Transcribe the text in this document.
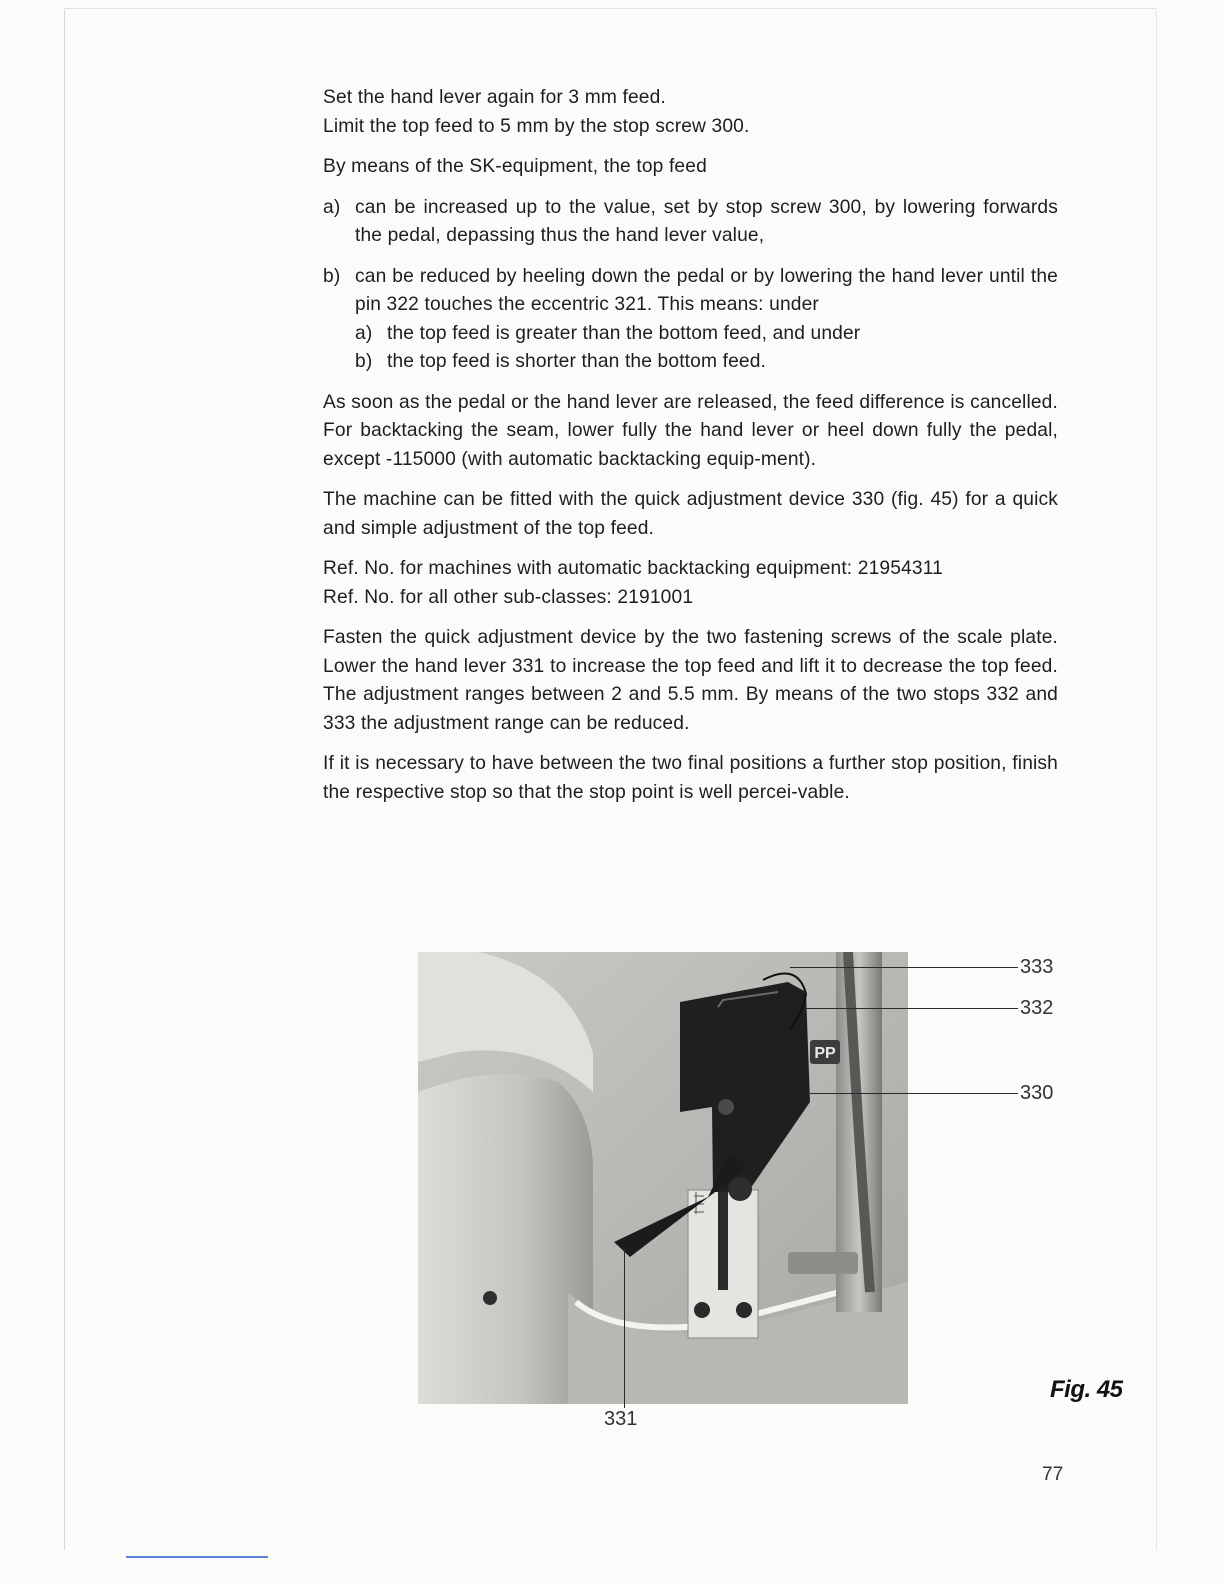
Set the hand lever again for 3 mm feed.

Limit the top feed to 5 mm by the stop screw 300.

By means of the SK-equipment, the top feed

a) can be increased up to the value, set by stop screw 300, by lowering forwards the pedal, depassing thus the hand lever value,
b) can be reduced by heeling down the pedal or by lowering the hand lever until the pin 322 touches the eccentric 321. This means: under
a) the top feed is greater than the bottom feed, and under
b) the top feed is shorter than the bottom feed.

As soon as the pedal or the hand lever are released, the feed difference is cancelled. For backtacking the seam, lower fully the hand lever or heel down fully the pedal, except -115000 (with automatic backtacking equip-ment).

The machine can be fitted with the quick adjustment device 330 (fig. 45) for a quick and simple adjustment of the top feed.

Ref. No. for machines with automatic backtacking equipment: 21954311

Ref. No. for all other sub-classes: 2191001

Fasten the quick adjustment device by the two fastening screws of the scale plate. Lower the hand lever 331 to increase the top feed and lift it to decrease the top feed. The adjustment ranges between 2 and 5.5 mm. By means of the two stops 332 and 333 the adjustment range can be reduced.

If it is necessary to have between the two final positions a further stop position, finish the respective stop so that the stop point is well percei-vable.

PP
333
332
330
331
Fig. 45
77
